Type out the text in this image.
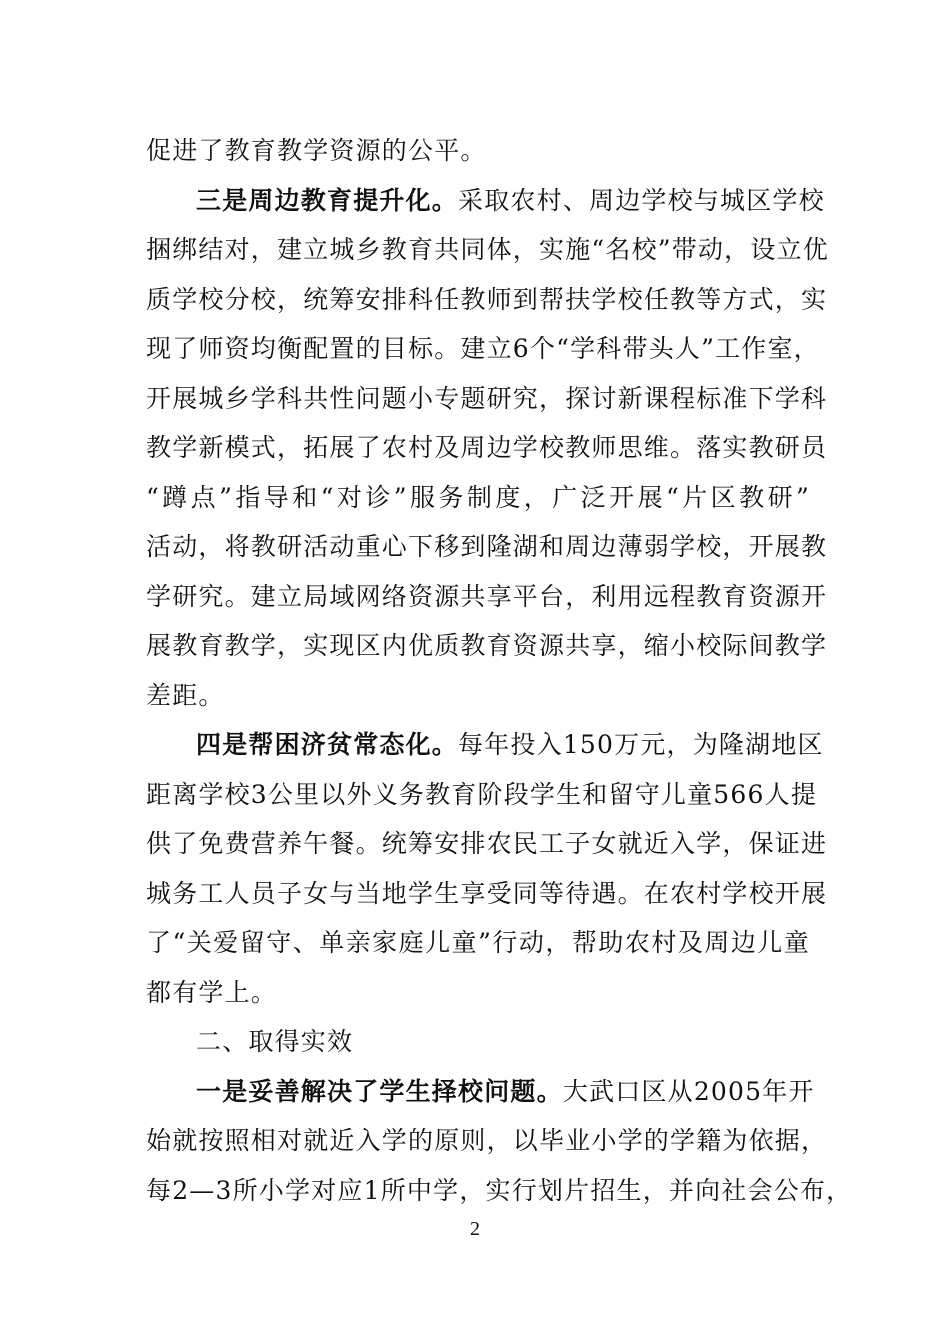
促进了教育教学资源的公平。
三是周边教育提升化。采取农村、周边学校与城区学校
捆绑结对，建立城乡教育共同体，实施“名校”带动，设立优
质学校分校，统筹安排科任教师到帮扶学校任教等方式，实
现了师资均衡配置的目标。建立6个“学科带头人”工作室，
开展城乡学科共性问题小专题研究，探讨新课程标准下学科
教学新模式，拓展了农村及周边学校教师思维。落实教研员
“蹲点”指导和“对诊”服务制度，广泛开展“片区教研”
活动，将教研活动重心下移到隆湖和周边薄弱学校，开展教
学研究。建立局域网络资源共享平台，利用远程教育资源开
展教育教学，实现区内优质教育资源共享，缩小校际间教学
差距。
四是帮困济贫常态化。每年投入150万元，为隆湖地区
距离学校3公里以外义务教育阶段学生和留守儿童566人提
供了免费营养午餐。统筹安排农民工子女就近入学，保证进
城务工人员子女与当地学生享受同等待遇。在农村学校开展
了“关爱留守、单亲家庭儿童”行动，帮助农村及周边儿童
都有学上。
二、取得实效
一是妥善解决了学生择校问题。大武口区从2005年开
始就按照相对就近入学的原则，以毕业小学的学籍为依据，
每2—3所小学对应1所中学，实行划片招生，并向社会公布，
2
